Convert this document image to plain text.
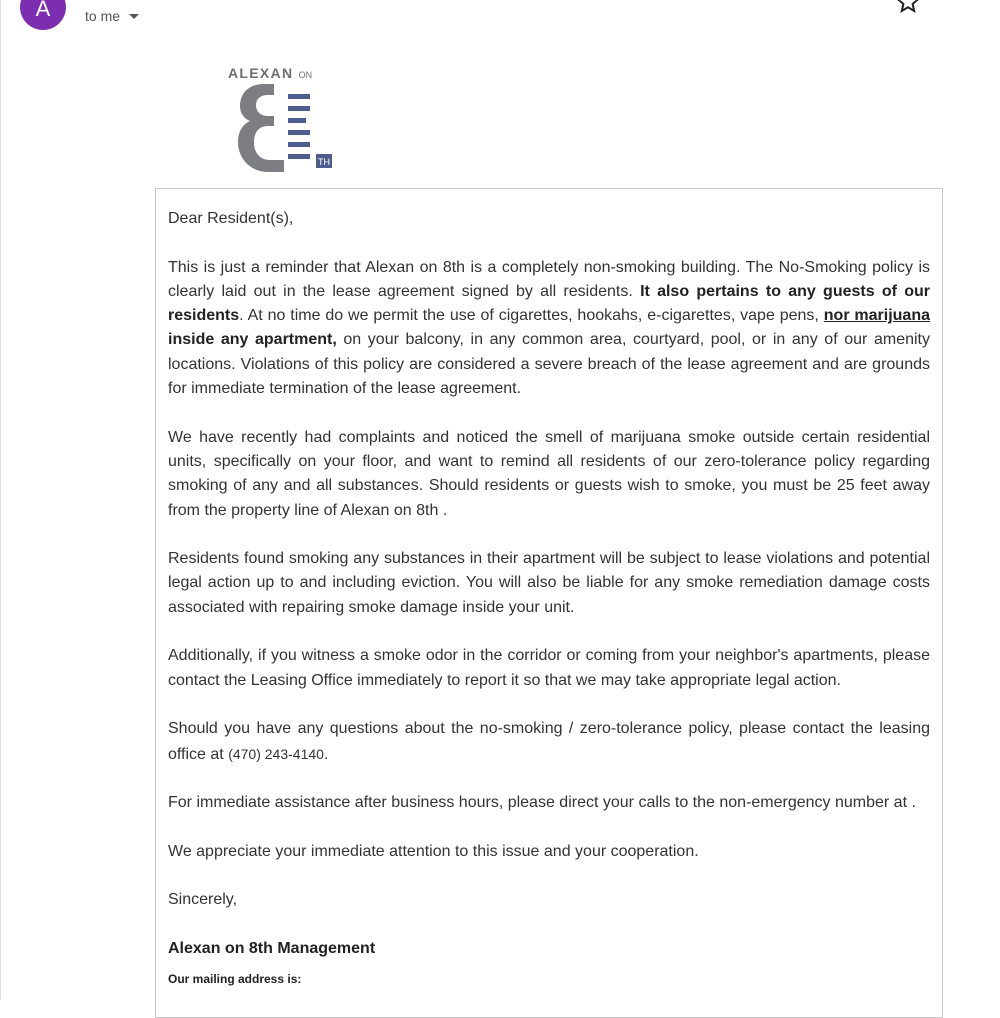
A to me
ALEXAN ON
TH

Dear Resident(s),

This is just a reminder that Alexan on 8th is a completely non-smoking building. The No-Smoking policy is clearly laid out in the lease agreement signed by all residents. It also pertains to any guests of our residents. At no time do we permit the use of cigarettes, hookahs, e-cigarettes, vape pens, nor marijuana inside any apartment, on your balcony, in any common area, courtyard, pool, or in any of our amenity locations. Violations of this policy are considered a severe breach of the lease agreement and are grounds for immediate termination of the lease agreement.

We have recently had complaints and noticed the smell of marijuana smoke outside certain residential units, specifically on your floor, and want to remind all residents of our zero-tolerance policy regarding smoking of any and all substances. Should residents or guests wish to smoke, you must be 25 feet away from the property line of Alexan on 8th .

Residents found smoking any substances in their apartment will be subject to lease violations and potential legal action up to and including eviction. You will also be liable for any smoke remediation damage costs associated with repairing smoke damage inside your unit.

Additionally, if you witness a smoke odor in the corridor or coming from your neighbor's apartments, please contact the Leasing Office immediately to report it so that we may take appropriate legal action.

Should you have any questions about the no-smoking / zero-tolerance policy, please contact the leasing office at (470) 243-4140.

For immediate assistance after business hours, please direct your calls to the non-emergency number at .

We appreciate your immediate attention to this issue and your cooperation.

Sincerely,

Alexan on 8th Management
Our mailing address is:
